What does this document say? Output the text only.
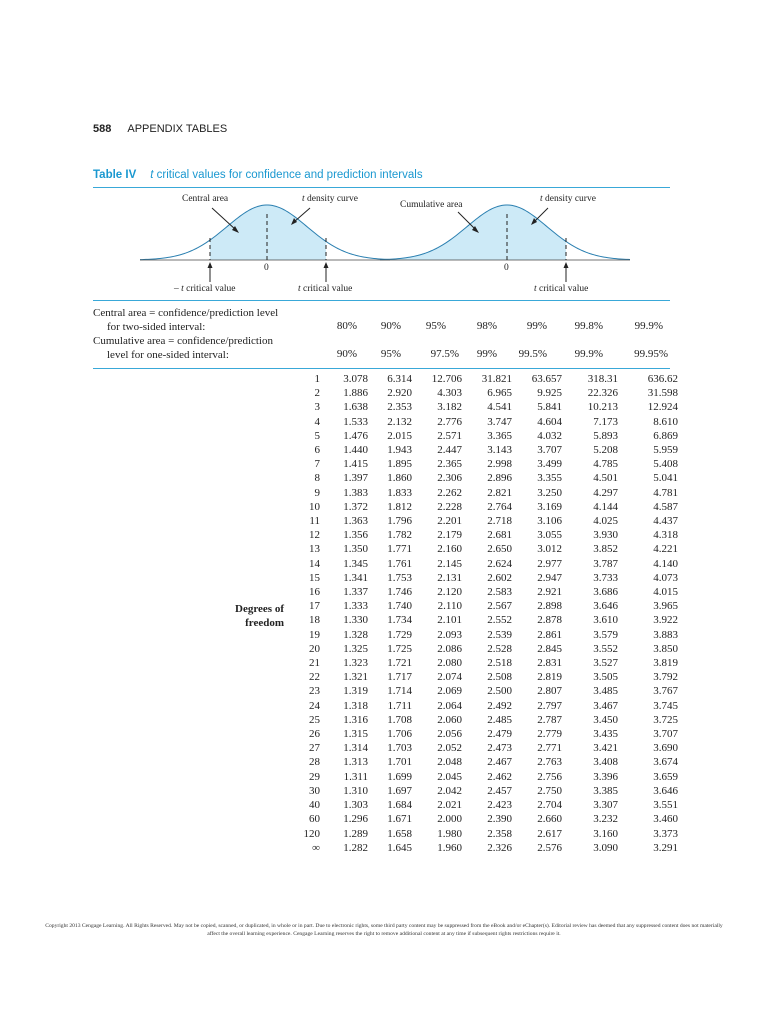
588 APPENDIX TABLES
Table IV t critical values for confidence and prediction intervals
Central area	t density curve
0
– t critical value	t critical value
Cumulative area
t density curve
0
t critical value
Central area = confidence/prediction level
for two-sided interval:
Cumulative area = confidence/prediction
level for one-sided interval:
80%	90%	95%	98%	99%	99.8%	99.9%
90%	95%	97.5%	99%	99.5%	99.9%	99.95%
Degrees of
freedom
1	3.078	6.314	12.706	31.821	63.657	318.31	636.62
2	1.886	2.920	4.303	6.965	9.925	22.326	31.598
3	1.638	2.353	3.182	4.541	5.841	10.213	12.924
4	1.533	2.132	2.776	3.747	4.604	7.173	8.610
5	1.476	2.015	2.571	3.365	4.032	5.893	6.869
6	1.440	1.943	2.447	3.143	3.707	5.208	5.959
7	1.415	1.895	2.365	2.998	3.499	4.785	5.408
8	1.397	1.860	2.306	2.896	3.355	4.501	5.041
9	1.383	1.833	2.262	2.821	3.250	4.297	4.781
10	1.372	1.812	2.228	2.764	3.169	4.144	4.587
11	1.363	1.796	2.201	2.718	3.106	4.025	4.437
12	1.356	1.782	2.179	2.681	3.055	3.930	4.318
13	1.350	1.771	2.160	2.650	3.012	3.852	4.221
14	1.345	1.761	2.145	2.624	2.977	3.787	4.140
15	1.341	1.753	2.131	2.602	2.947	3.733	4.073
16	1.337	1.746	2.120	2.583	2.921	3.686	4.015
17	1.333	1.740	2.110	2.567	2.898	3.646	3.965
18	1.330	1.734	2.101	2.552	2.878	3.610	3.922
19	1.328	1.729	2.093	2.539	2.861	3.579	3.883
20	1.325	1.725	2.086	2.528	2.845	3.552	3.850
21	1.323	1.721	2.080	2.518	2.831	3.527	3.819
22	1.321	1.717	2.074	2.508	2.819	3.505	3.792
23	1.319	1.714	2.069	2.500	2.807	3.485	3.767
24	1.318	1.711	2.064	2.492	2.797	3.467	3.745
25	1.316	1.708	2.060	2.485	2.787	3.450	3.725
26	1.315	1.706	2.056	2.479	2.779	3.435	3.707
27	1.314	1.703	2.052	2.473	2.771	3.421	3.690
28	1.313	1.701	2.048	2.467	2.763	3.408	3.674
29	1.311	1.699	2.045	2.462	2.756	3.396	3.659
30	1.310	1.697	2.042	2.457	2.750	3.385	3.646
40	1.303	1.684	2.021	2.423	2.704	3.307	3.551
60	1.296	1.671	2.000	2.390	2.660	3.232	3.460
120	1.289	1.658	1.980	2.358	2.617	3.160	3.373
∞	1.282	1.645	1.960	2.326	2.576	3.090	3.291
Copyright 2013 Cengage Learning. All Rights Reserved. May not be copied, scanned, or duplicated, in whole or in part. Due to electronic rights, some third party content may be suppressed from the eBook and/or eChapter(s). Editorial review has deemed that any suppressed content does not materially affect the overall learning experience. Cengage Learning reserves the right to remove additional content at any time if subsequent rights restrictions require it.
